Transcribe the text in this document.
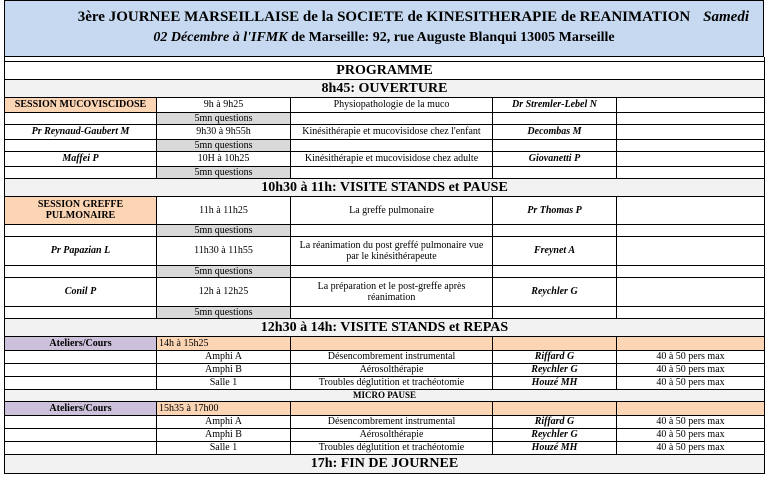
3ère JOURNEE MARSEILLAISE de la SOCIETE de KINESITHERAPIE de REANIMATION Samedi
02 Décembre à l'IFMK de Marseille: 92, rue Auguste Blanqui 13005 Marseille

PROGRAMME				
8h45: OUVERTURE				
SESSION MUCOVISCIDOSE	9h à 9h25	Physiopathologie de la muco	Dr Stremler-Lebel N	
	5mn questions			
Pr Reynaud-Gaubert M	9h30 à 9h55h	Kinésithérapie et mucovisidose chez l'enfant	Decombas M	
	5mn questions			
Maffei P	10H à 10h25	Kinésithérapie et mucovisidose chez adulte	Giovanetti P	
	5mn questions			
10h30 à 11h: VISITE STANDS et PAUSE				
SESSION GREFFE PULMONAIRE	11h à 11h25	La greffe pulmonaire	Pr Thomas P	
	5mn questions			
Pr Papazian L	11h30 à 11h55	La réanimation du post greffé pulmonaire vue par le kinésithérapeute	Freynet A	
	5mn questions			
Conil P	12h à 12h25	La préparation et le post-greffe après réanimation	Reychler G	
	5mn questions			
12h30 à 14h: VISITE STANDS et REPAS				
Ateliers/Cours	14h à 15h25			
	Amphi A	Désencombrement instrumental	Riffard G	40 à 50 pers max
	Amphi B	Aérosolthérapie	Reychler G	40 à 50 pers max
	Salle 1	Troubles déglutition et trachéotomie	Houzé MH	40 à 50 pers max
MICRO PAUSE				
Ateliers/Cours	15h35 à 17h00			
	Amphi A	Désencombrement instrumental	Riffard G	40 à 50 pers max
	Amphi B	Aérosolthérapie	Reychler G	40 à 50 pers max
	Salle 1	Troubles déglutition et trachéotomie	Houzé MH	40 à 50 pers max
17h: FIN DE JOURNEE				
